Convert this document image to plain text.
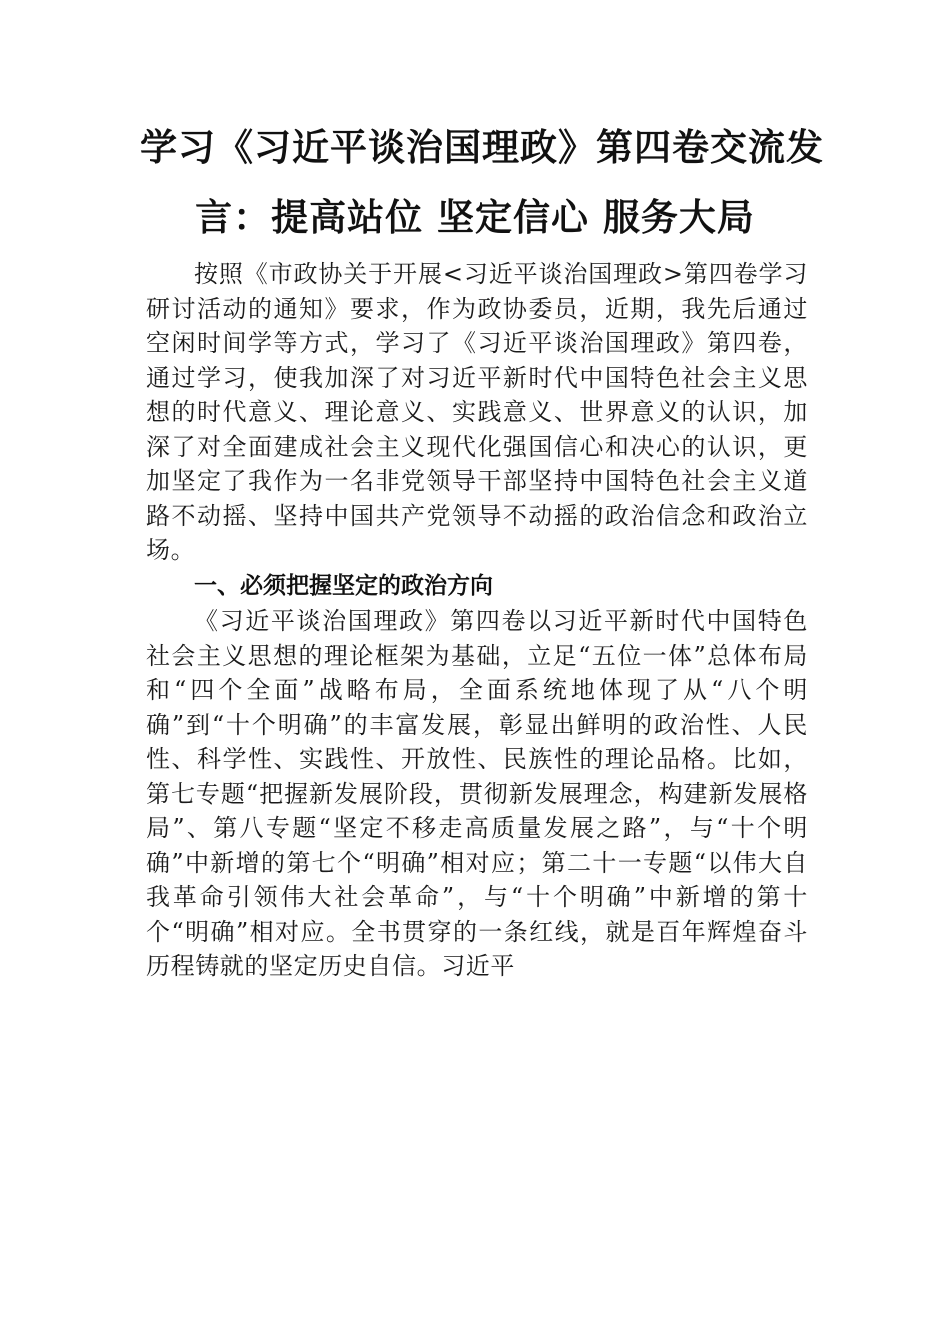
学习《习近平谈治国理政》第四卷交流发
言：提高站位 坚定信心 服务大局

按照《市政协关于开展<习近平谈治国理政>第四卷学习研讨活动的通知》要求，作为政协委员，近期，我先后通过空闲时间学等方式，学习了《习近平谈治国理政》第四卷，通过学习，使我加深了对习近平新时代中国特色社会主义思想的时代意义、理论意义、实践意义、世界意义的认识，加深了对全面建成社会主义现代化强国信心和决心的认识，更加坚定了我作为一名非党领导干部坚持中国特色社会主义道路不动摇、坚持中国共产党领导不动摇的政治信念和政治立场。

一、必须把握坚定的政治方向

《习近平谈治国理政》第四卷以习近平新时代中国特色社会主义思想的理论框架为基础，立足“五位一体”总体布局和“四个全面”战略布局，全面系统地体现了从“八个明确”到“十个明确”的丰富发展，彰显出鲜明的政治性、人民性、科学性、实践性、开放性、民族性的理论品格。比如，第七专题“把握新发展阶段，贯彻新发展理念，构建新发展格局”、第八专题“坚定不移走高质量发展之路”，与“十个明确”中新增的第七个“明确”相对应；第二十一专题“以伟大自我革命引领伟大社会革命”，与“十个明确”中新增的第十个“明确”相对应。全书贯穿的一条红线，就是百年辉煌奋斗历程铸就的坚定历史自信。习近平
